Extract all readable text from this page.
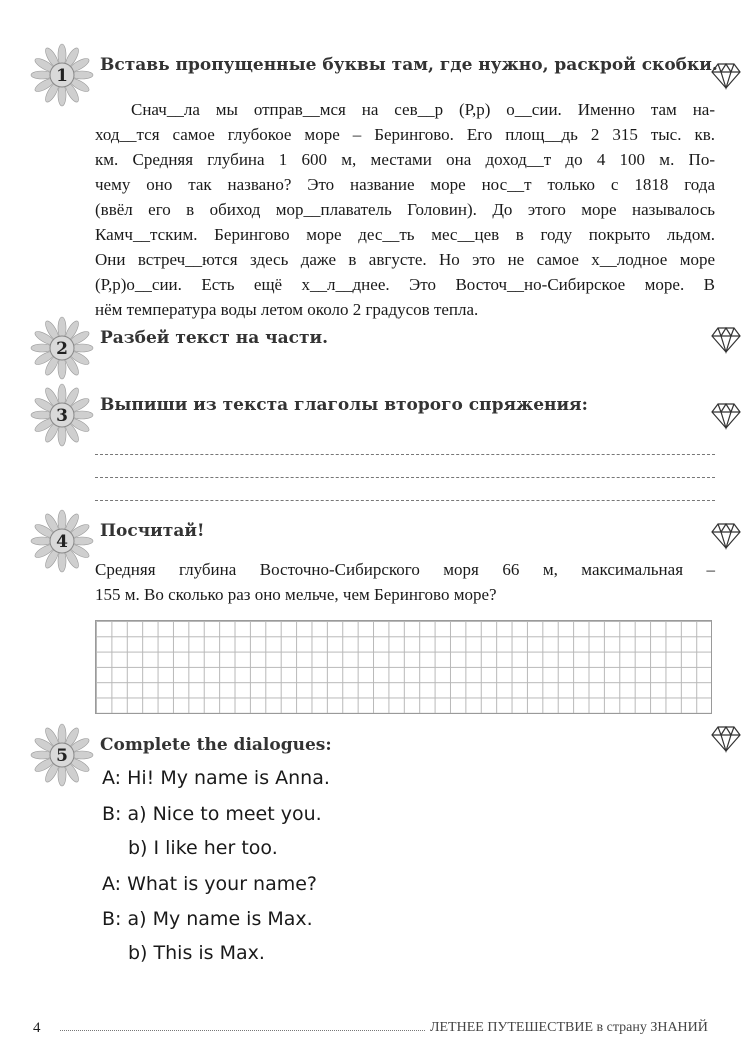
1
Вставь пропущенные буквы там, где нужно, раскрой скобки.

Снач__ла мы отправ__мся на сев__р (Р,р) о__сии. Именно там на-

ход__тся самое глубокое море – Берингово. Его площ__дь 2 315 тыс. кв.

км. Средняя глубина 1 600 м, местами она доход__т до 4 100 м. По-

чему оно так названо? Это название море нос__т только с 1818 года

(ввёл его в обиход мор__плаватель Головин). До этого море называлось

Камч__тским. Берингово море дес__ть мес__цев в году покрыто льдом.

Они встреч__ются здесь даже в августе. Но это не самое х__лодное море

(Р,р)о__сии. Есть ещё х__л__днее. Это Восточ__но-Сибирское море. В

нём температура воды летом около 2 градусов тепла.

2
Разбей текст на части.
3
Выпиши из текста глаголы второго спряжения:
4
Посчитай!

Средняя глубина Восточно-Сибирского моря 66 м, максимальная –

155 м. Во сколько раз оно мельче, чем Берингово море?

5
Complete the dialogues:
A: Hi! My name is Anna.
B: a) Nice to meet you.
b) I like her too.
A: What is your name?
B: a) My name is Max.
b) This is Max.
4	ЛЕТНЕЕ ПУТЕШЕСТВИЕ в страну ЗНАНИЙ
